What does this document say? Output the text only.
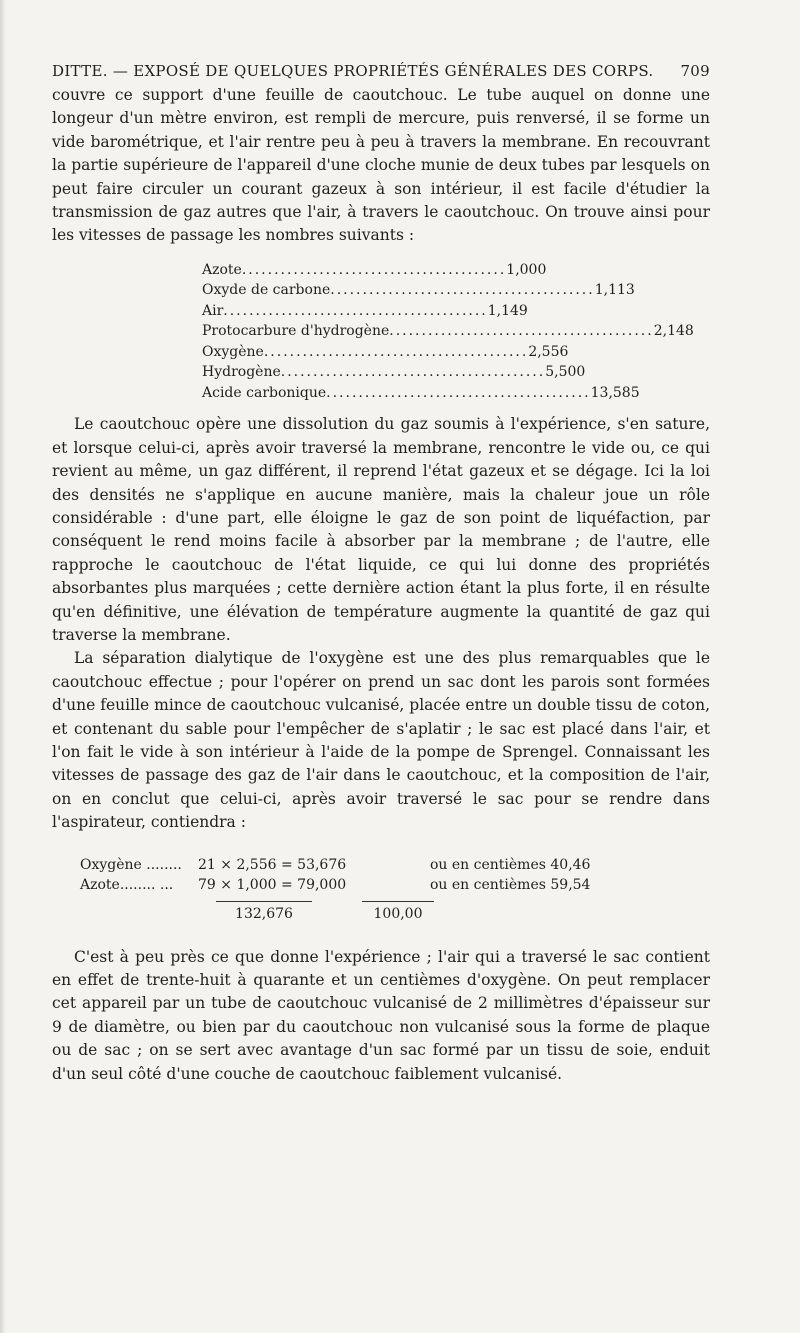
DITTE. — EXPOSÉ DE QUELQUES PROPRIÉTÉS GÉNÉRALES DES CORPS. 709

couvre ce support d'une feuille de caoutchouc. Le tube auquel on donne une longeur d'un mètre environ, est rempli de mercure, puis renversé, il se forme un vide barométrique, et l'air rentre peu à peu à travers la membrane. En recouvrant la partie supérieure de l'appareil d'une cloche munie de deux tubes par lesquels on peut faire circuler un courant gazeux à son intérieur, il est facile d'étudier la transmission de gaz autres que l'air, à travers le caoutchouc. On trouve ainsi pour les vitesses de passage les nombres suivants :

Azote ......................................... 1,000
Oxyde de carbone ......................................... 1,113
Air ......................................... 1,149
Protocarbure d'hydrogène ......................................... 2,148
Oxygène ......................................... 2,556
Hydrogène ......................................... 5,500
Acide carbonique ......................................... 13,585

Le caoutchouc opère une dissolution du gaz soumis à l'expérience, s'en sature, et lorsque celui-ci, après avoir traversé la membrane, rencontre le vide ou, ce qui revient au même, un gaz différent, il reprend l'état gazeux et se dégage. Ici la loi des densités ne s'applique en aucune manière, mais la chaleur joue un rôle considérable : d'une part, elle éloigne le gaz de son point de liquéfaction, par conséquent le rend moins facile à absorber par la membrane ; de l'autre, elle rapproche le caoutchouc de l'état liquide, ce qui lui donne des propriétés absorbantes plus marquées ; cette dernière action étant la plus forte, il en résulte qu'en définitive, une élévation de température augmente la quantité de gaz qui traverse la membrane.

La séparation dialytique de l'oxygène est une des plus remarquables que le caoutchouc effectue ; pour l'opérer on prend un sac dont les parois sont formées d'une feuille mince de caoutchouc vulcanisé, placée entre un double tissu de coton, et contenant du sable pour l'empêcher de s'aplatir ; le sac est placé dans l'air, et l'on fait le vide à son intérieur à l'aide de la pompe de Sprengel. Connaissant les vitesses de passage des gaz de l'air dans le caoutchouc, et la composition de l'air, on en conclut que celui-ci, après avoir traversé le sac pour se rendre dans l'aspirateur, contiendra :

Oxygène ........	21 × 2,556 = 53,676	ou en centièmes 40,46
Azote........ ...	79 × 1,000 = 79,000	ou en centièmes 59,54
132,676	100,00

C'est à peu près ce que donne l'expérience ; l'air qui a traversé le sac contient en effet de trente-huit à quarante et un centièmes d'oxygène. On peut remplacer cet appareil par un tube de caoutchouc vulcanisé de 2 millimètres d'épaisseur sur 9 de diamètre, ou bien par du caoutchouc non vulcanisé sous la forme de plaque ou de sac ; on se sert avec avantage d'un sac formé par un tissu de soie, enduit d'un seul côté d'une couche de caoutchouc faiblement vulcanisé.
